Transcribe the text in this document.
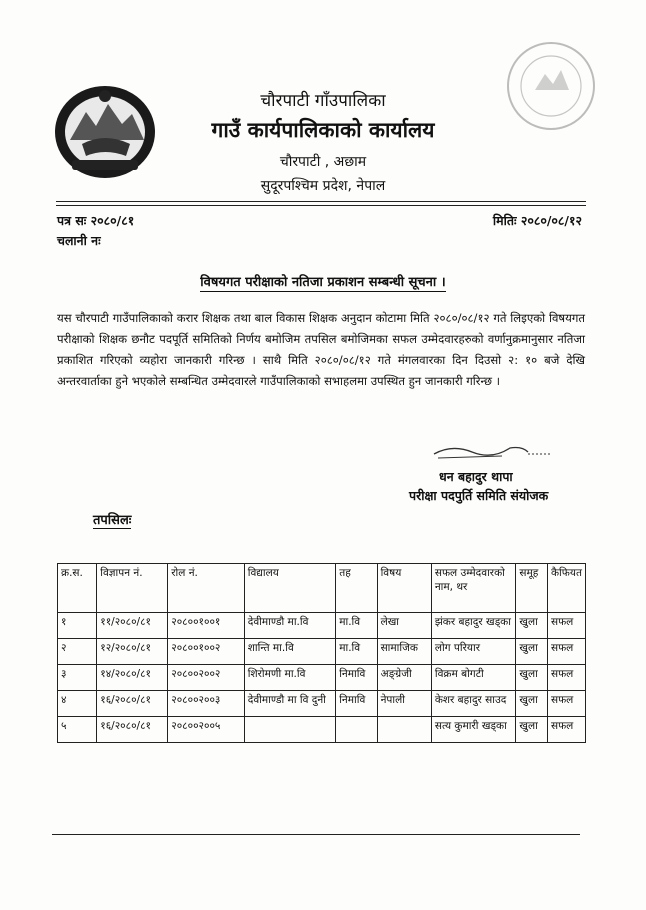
चौरपाटी गाँउपालिका
गाउँ कार्यपालिकाको कार्यालय
चौरपाटी , अछाम
सुदूरपश्चिम प्रदेश, नेपाल
पत्र सः २०८०/८१
चलानी नः
मितिः २०८०/०८/१२
विषयगत परीक्षाको नतिजा प्रकाशन सम्बन्धी सूचना ।
यस चौरपाटी गाउँपालिकाको करार शिक्षक तथा बाल विकास शिक्षक अनुदान कोटामा मिति २०८०/०८/१२ गते लिइएको विषयगत परीक्षाको शिक्षक छनौट पदपूर्ति समितिको निर्णय बमोजिम तपसिल बमोजिमका सफल उम्मेदवारहरुको वर्णानुक्रमानुसार नतिजा प्रकाशित गरिएको व्यहोरा जानकारी गरिन्छ । साथै मिति २०८०/०८/१२ गते मंगलवारका दिन दिउसो २: १० बजे देखि अन्तरवार्ताका हुने भएकोले सम्बन्धित उम्मेदवारले गाउँपालिकाको सभाहलमा उपस्थित हुन जानकारी गरिन्छ ।
धन बहादुर थापा
परीक्षा पदपुर्ति समिति संयोजक
तपसिलः
क्र.स.	विज्ञापन नं.	रोल नं.	विद्यालय	तह	विषय	सफल उम्मेदवारको नाम, थर	समूह	कैफियत
१	११/२०८०/८१	२०८००१००१	देवीमाण्डौ मा.वि	मा.वि	लेखा	झंकर बहादुर खड्का	खुला	सफल
२	१२/२०८०/८१	२०८००१००२	शान्ति मा.वि	मा.वि	सामाजिक	लोग परियार	खुला	सफल
३	१४/२०८०/८१	२०८००२००२	शिरोमणी मा.वि	निमावि	अङ्ग्रेजी	विक्रम बोगटी	खुला	सफल
४	१६/२०८०/८१	२०८००२००३	देवीमाण्डौ मा वि दुनी	निमावि	नेपाली	केशर बहादुर साउद	खुला	सफल
५	१६/२०८०/८१	२०८००२००५				सत्य कुमारी खड्का	खुला	सफल
